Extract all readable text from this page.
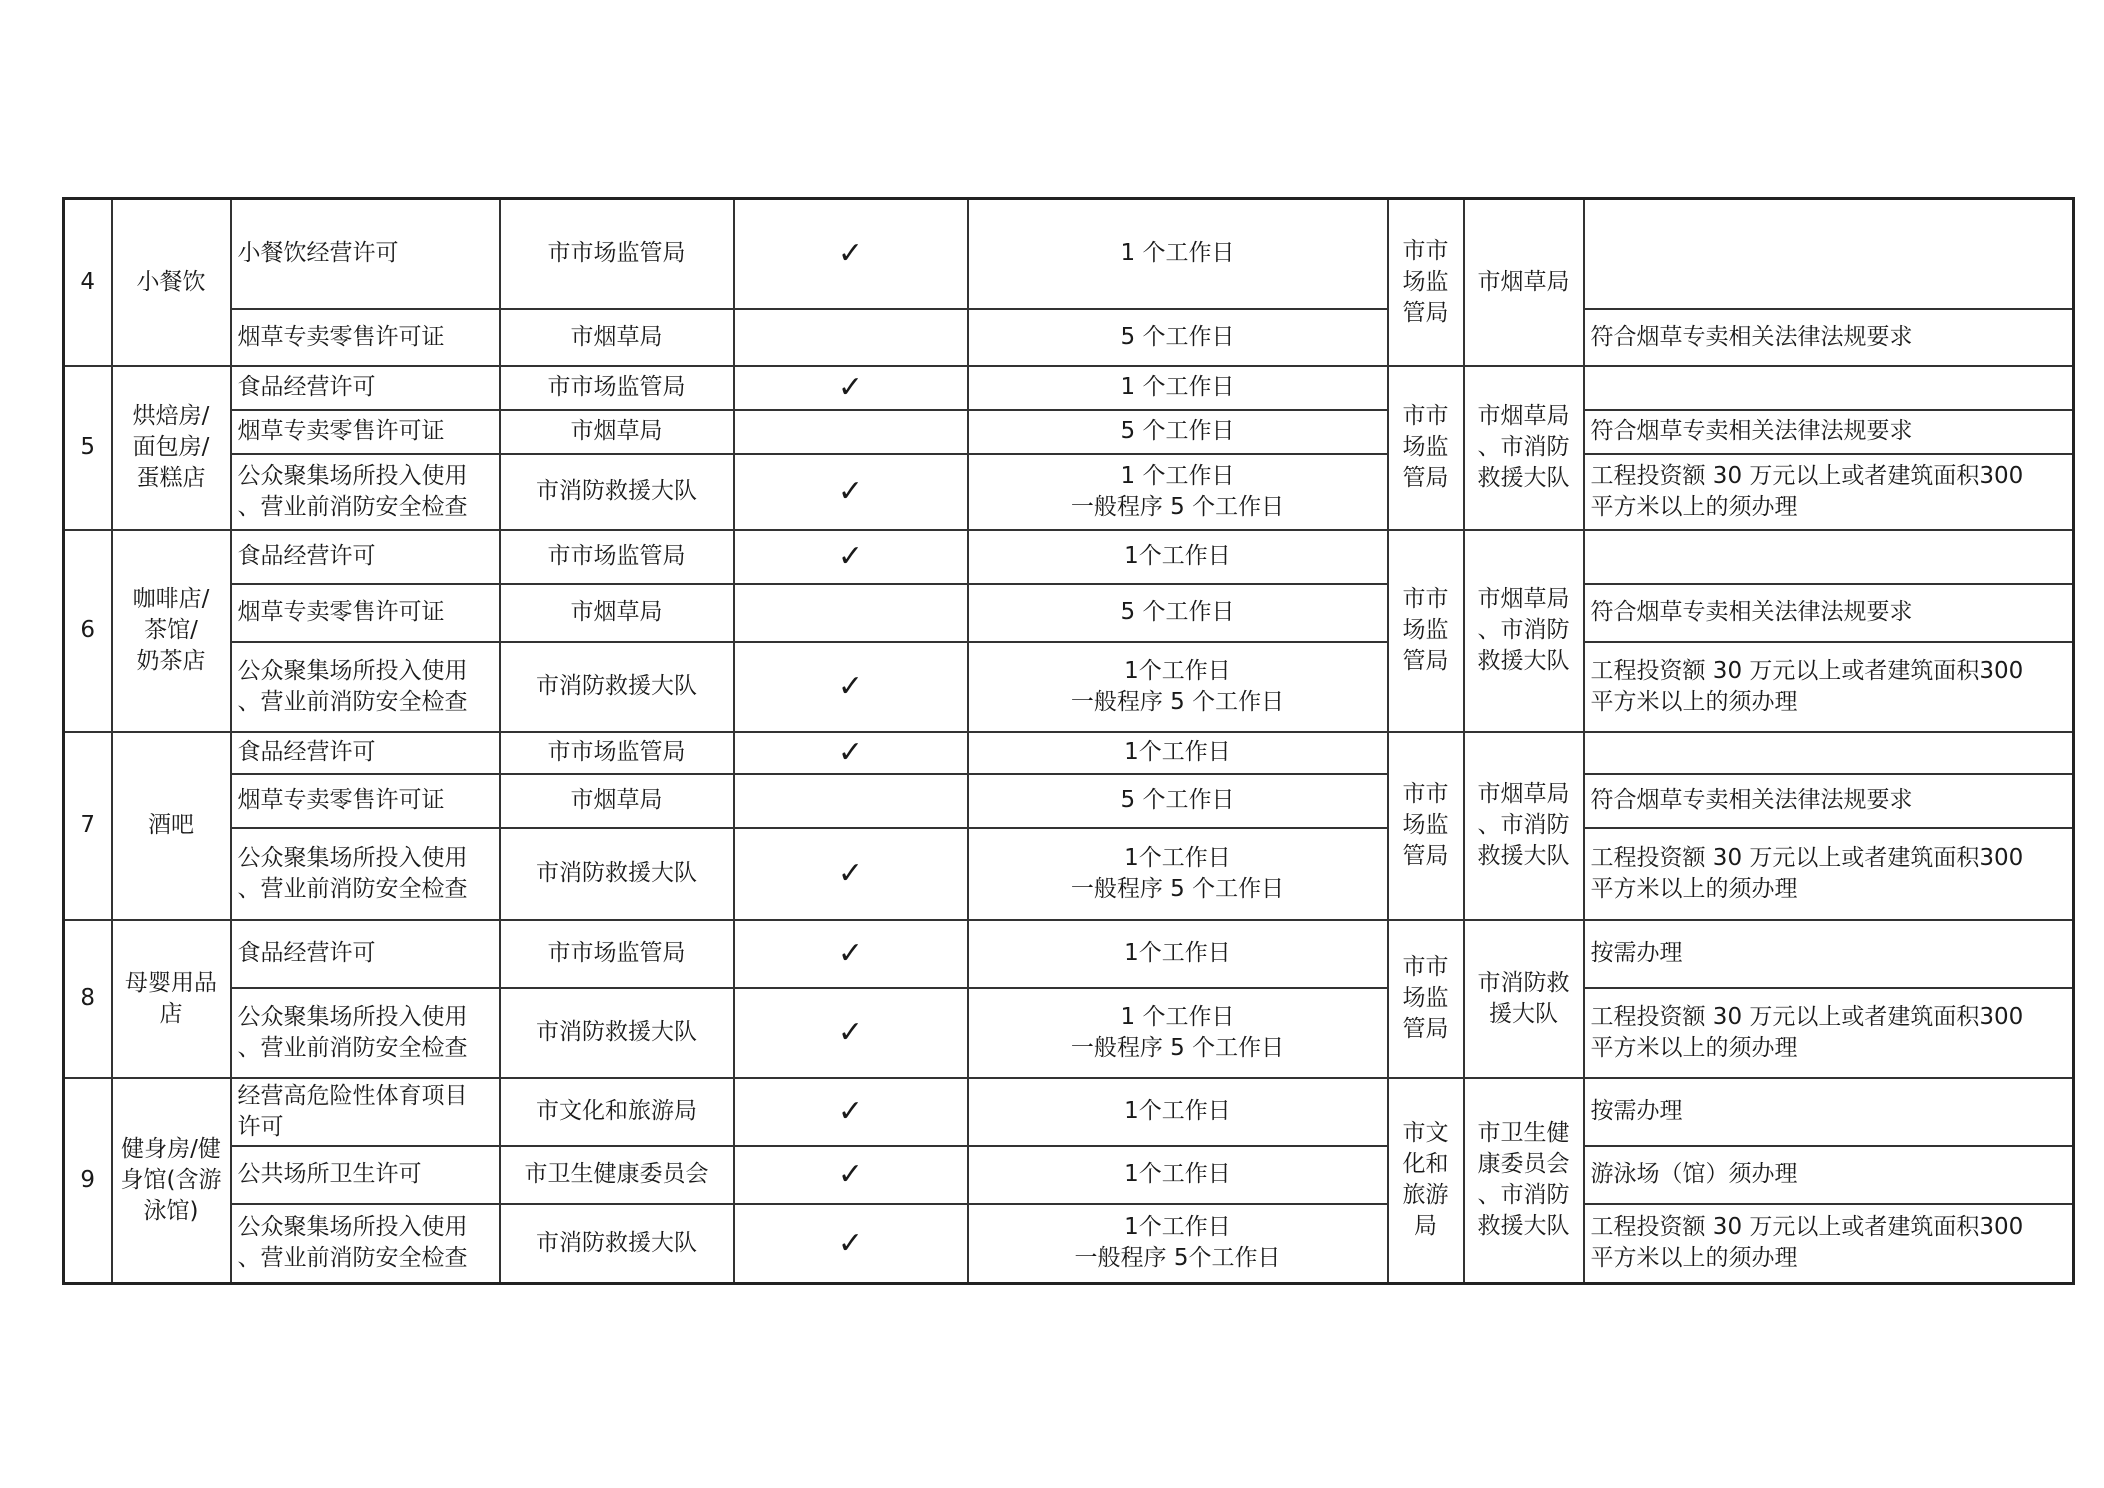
4	小餐饮	小餐饮经营许可	市市场监管局	✓	1 个工作日	市市
场监
管局	市烟草局	

		烟草专卖零售许可证	市烟草局		5 个工作日			符合烟草专卖相关法律法规要求

5	烘焙房/
面包房/
蛋糕店	食品经营许可	市市场监管局	✓	1 个工作日	市市
场监
管局	市烟草局
、市消防
救援大队	

		烟草专卖零售许可证	市烟草局		5 个工作日			符合烟草专卖相关法律法规要求

		公众聚集场所投入使用
、营业前消防安全检查	市消防救援大队	✓	1 个工作日
一般程序 5 个工作日			工程投资额 30 万元以上或者建筑面积300
平方米以上的须办理

6	咖啡店/
茶馆/
奶茶店	食品经营许可	市市场监管局	✓	1个工作日	市市
场监
管局	市烟草局
、市消防
救援大队	

		烟草专卖零售许可证	市烟草局		5 个工作日			符合烟草专卖相关法律法规要求

		公众聚集场所投入使用
、营业前消防安全检查	市消防救援大队	✓	1个工作日
一般程序 5 个工作日			工程投资额 30 万元以上或者建筑面积300
平方米以上的须办理

7	酒吧	食品经营许可	市市场监管局	✓	1个工作日	市市
场监
管局	市烟草局
、市消防
救援大队	

		烟草专卖零售许可证	市烟草局		5 个工作日			符合烟草专卖相关法律法规要求

		公众聚集场所投入使用
、营业前消防安全检查	市消防救援大队	✓	1个工作日
一般程序 5 个工作日			工程投资额 30 万元以上或者建筑面积300
平方米以上的须办理

8	母婴用品
店	食品经营许可	市市场监管局	✓	1个工作日	市市
场监
管局	市消防救
援大队	按需办理

		公众聚集场所投入使用
、营业前消防安全检查	市消防救援大队	✓	1 个工作日
一般程序 5 个工作日			工程投资额 30 万元以上或者建筑面积300
平方米以上的须办理

9	健身房/健
身馆(含游
泳馆)	经营高危险性体育项目
许可	市文化和旅游局	✓	1个工作日	市文
化和
旅游
局	市卫生健
康委员会
、市消防
救援大队	按需办理

		公共场所卫生许可	市卫生健康委员会	✓	1个工作日			游泳场（馆）须办理

		公众聚集场所投入使用
、营业前消防安全检查	市消防救援大队	✓	1个工作日
一般程序 5个工作日			工程投资额 30 万元以上或者建筑面积300
平方米以上的须办理
